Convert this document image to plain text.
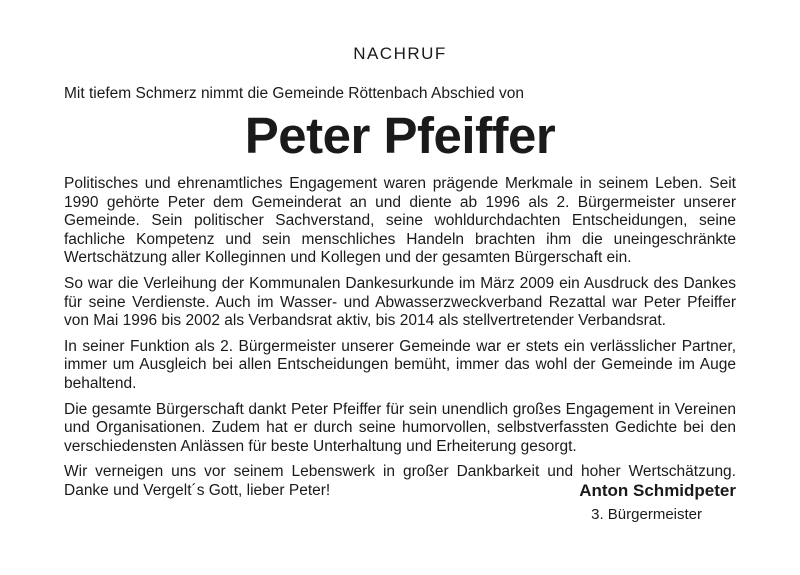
NACHRUF
Mit tiefem Schmerz nimmt die Gemeinde Röttenbach Abschied von
Peter Pfeiffer

Politisches und ehrenamtliches Engagement waren prägende Merkmale in seinem Leben. Seit 1990 gehörte Peter dem Gemeinderat an und diente ab 1996 als 2. Bürgermeister unserer Gemeinde. Sein politischer Sachverstand, seine wohldurchdachten Entscheidungen, seine fachliche Kompetenz und sein menschliches Handeln brachten ihm die uneingeschränkte Wertschätzung aller Kolleginnen und Kollegen und der gesamten Bürgerschaft ein.

So war die Verleihung der Kommunalen Dankesurkunde im März 2009 ein Ausdruck des Dankes für seine Verdienste. Auch im Wasser- und Abwasserzweckverband Rezattal war Peter Pfeiffer von Mai 1996 bis 2002 als Verbandsrat aktiv, bis 2014 als stellvertretender Verbandsrat.

In seiner Funktion als 2. Bürgermeister unserer Gemeinde war er stets ein verlässlicher Partner, immer um Ausgleich bei allen Entscheidungen bemüht, immer das wohl der Gemeinde im Auge behaltend.

Die gesamte Bürgerschaft dankt Peter Pfeiffer für sein unendlich großes Engagement in Vereinen und Organisationen. Zudem hat er durch seine humorvollen, selbstverfassten Gedichte bei den verschiedensten Anlässen für beste Unterhaltung und Erheiterung gesorgt.

Wir verneigen uns vor seinem Lebenswerk in großer Dankbarkeit und hoher Wertschätzung. Danke und Vergelt´s Gott, lieber Peter!	Anton Schmidpeter
3. Bürgermeister
